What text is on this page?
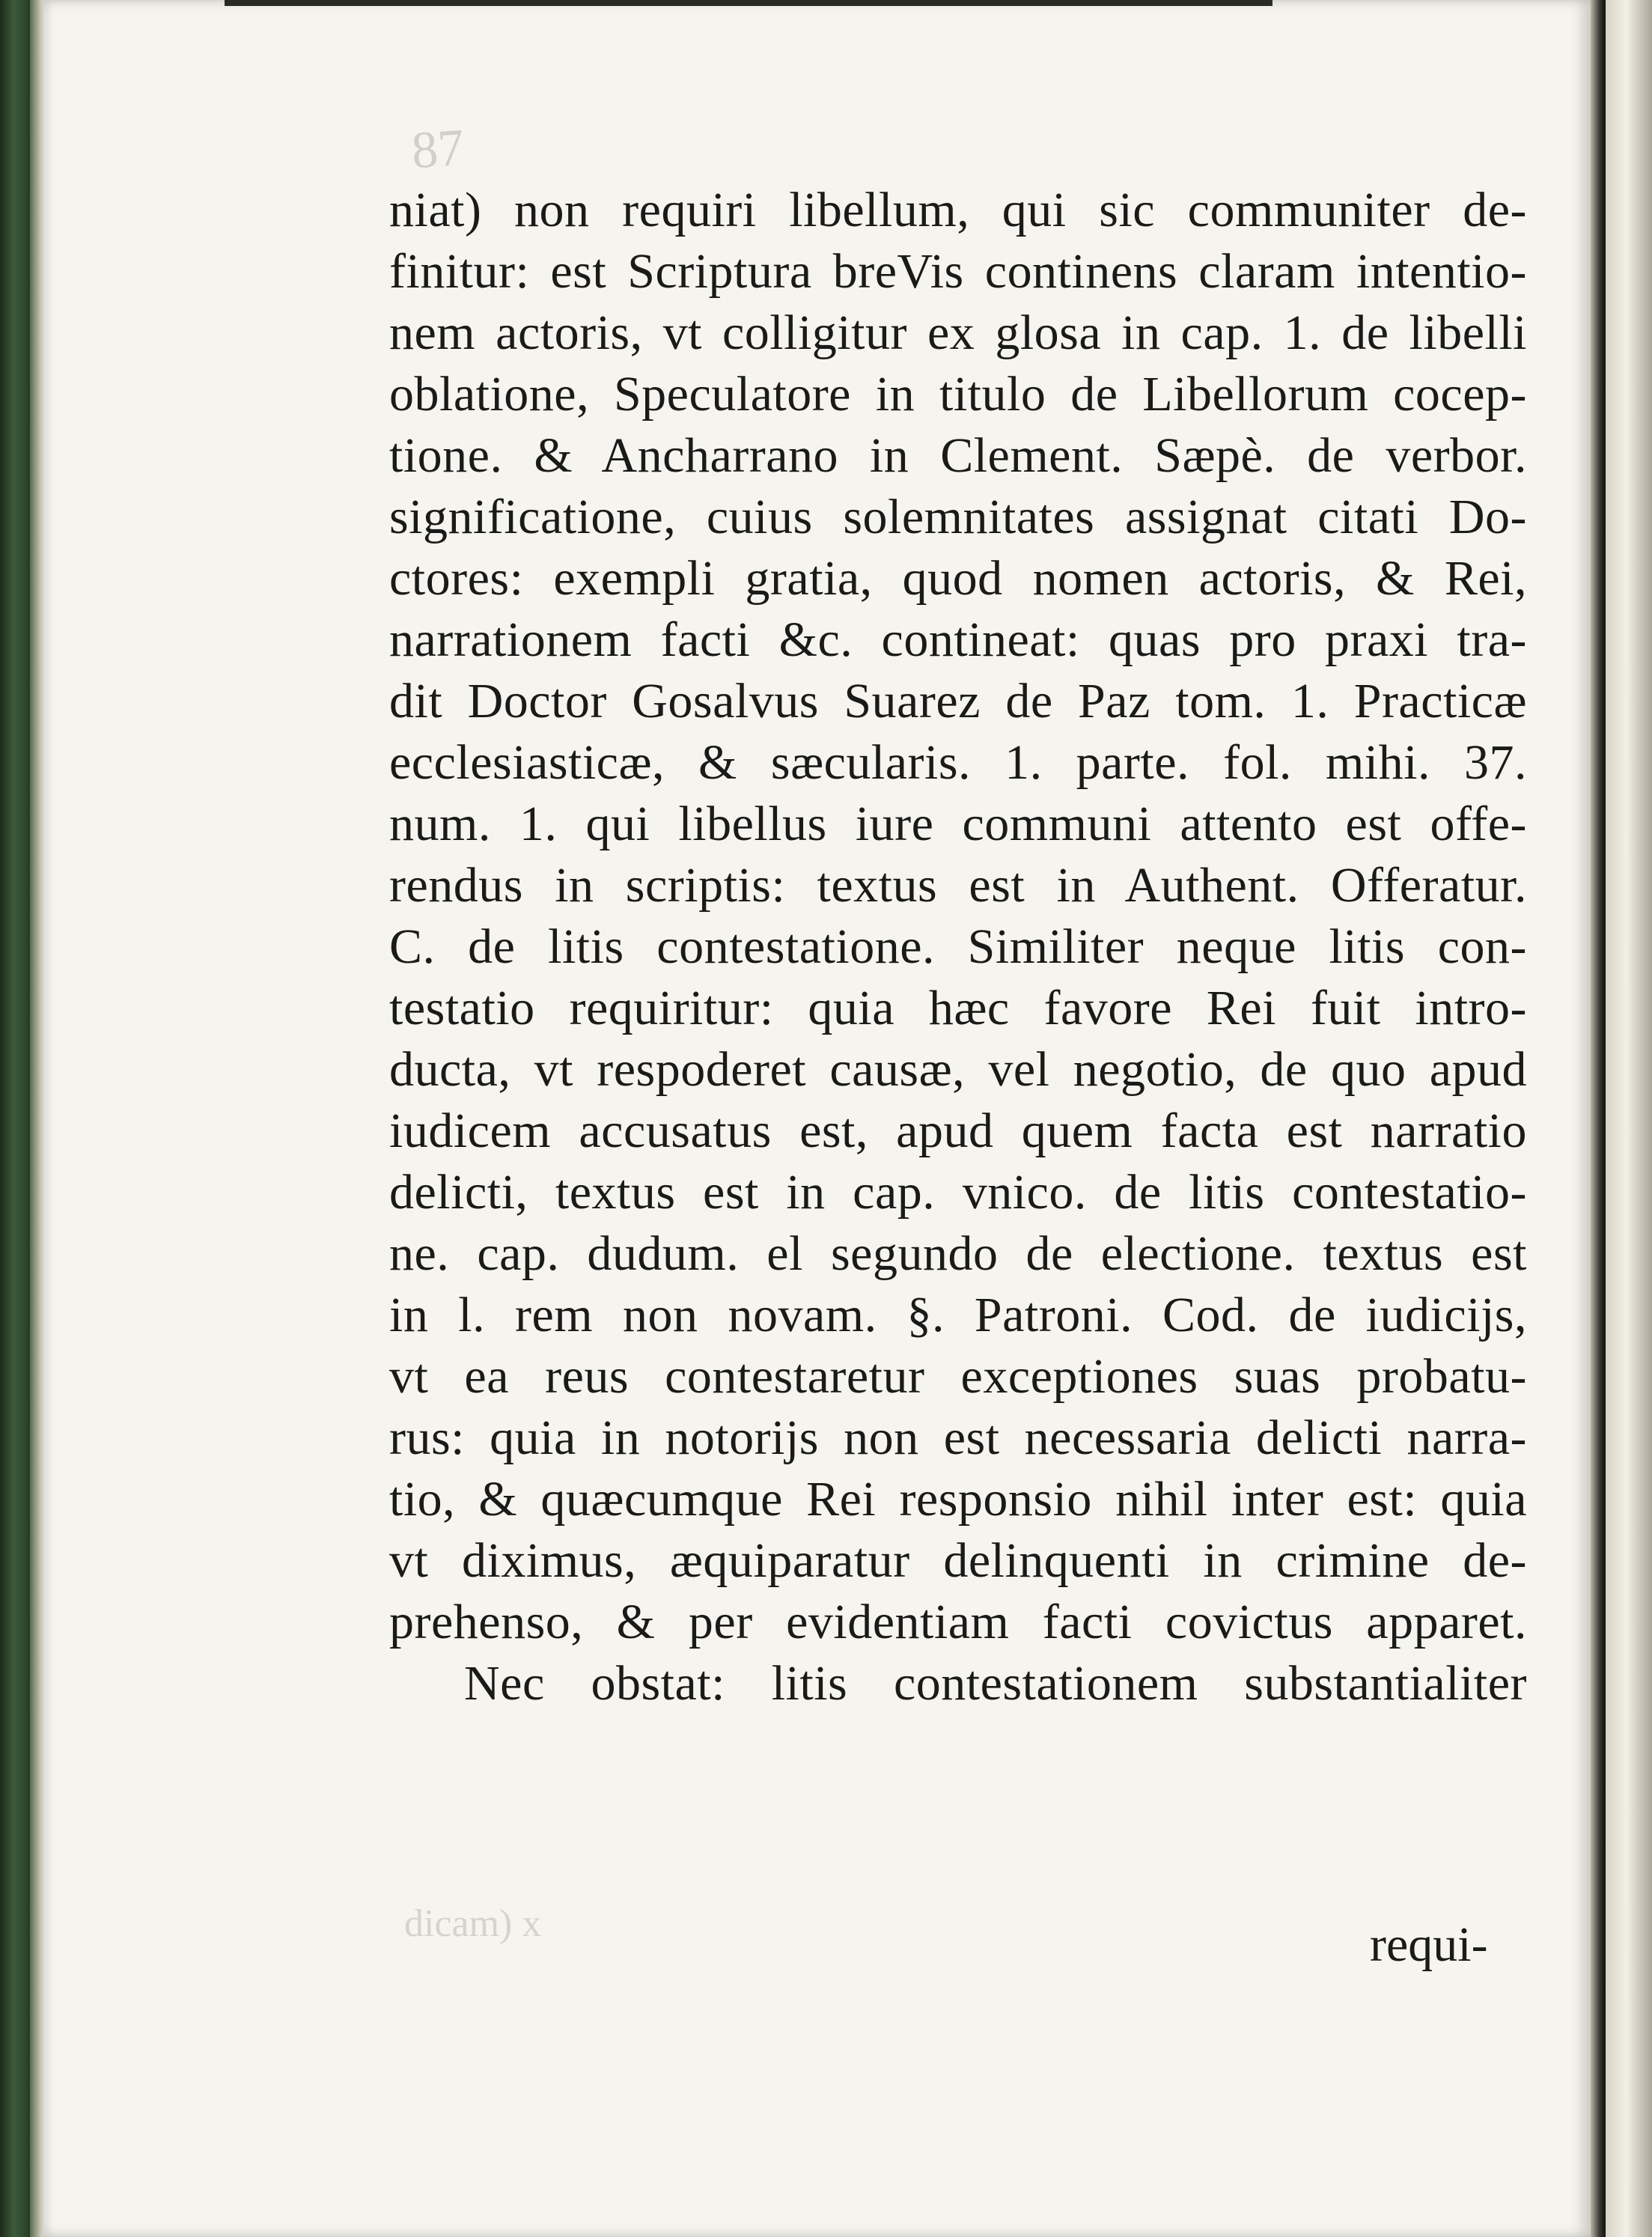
87
niat) non requiri libellum, qui sic communiter de-
finitur: est Scriptura breVis continens claram intentio-
nem actoris, vt colligitur ex glosa in cap. 1. de libelli
oblatione, Speculatore in titulo de Libellorum cocep-
tione. & Ancharrano in Clement. Sæpè. de verbor.
significatione, cuius solemnitates assignat citati Do-
ctores: exempli gratia, quod nomen actoris, & Rei,
narrationem facti &c. contineat: quas pro praxi tra-
dit Doctor Gosalvus Suarez de Paz tom. 1. Practicæ
ecclesiasticæ, & sæcularis. 1. parte. fol. mihi. 37.
num. 1. qui libellus iure communi attento est offe-
rendus in scriptis: textus est in Authent. Offeratur.
C. de litis contestatione. Similiter neque litis con-
testatio requiritur: quia hæc favore Rei fuit intro-
ducta, vt respoderet causæ, vel negotio, de quo apud
iudicem accusatus est, apud quem facta est narratio
delicti, textus est in cap. vnico. de litis contestatio-
ne. cap. dudum. el segundo de electione. textus est
in l. rem non novam. §. Patroni. Cod. de iudicijs,
vt ea reus contestaretur exceptiones suas probatu-
rus: quia in notorijs non est necessaria delicti narra-
tio, & quæcumque Rei responsio nihil inter est: quia
vt diximus, æquiparatur delinquenti in crimine de-
prehenso, & per evidentiam facti covictus apparet.
Nec obstat: litis contestationem substantialiter
dicam) x	requi-
